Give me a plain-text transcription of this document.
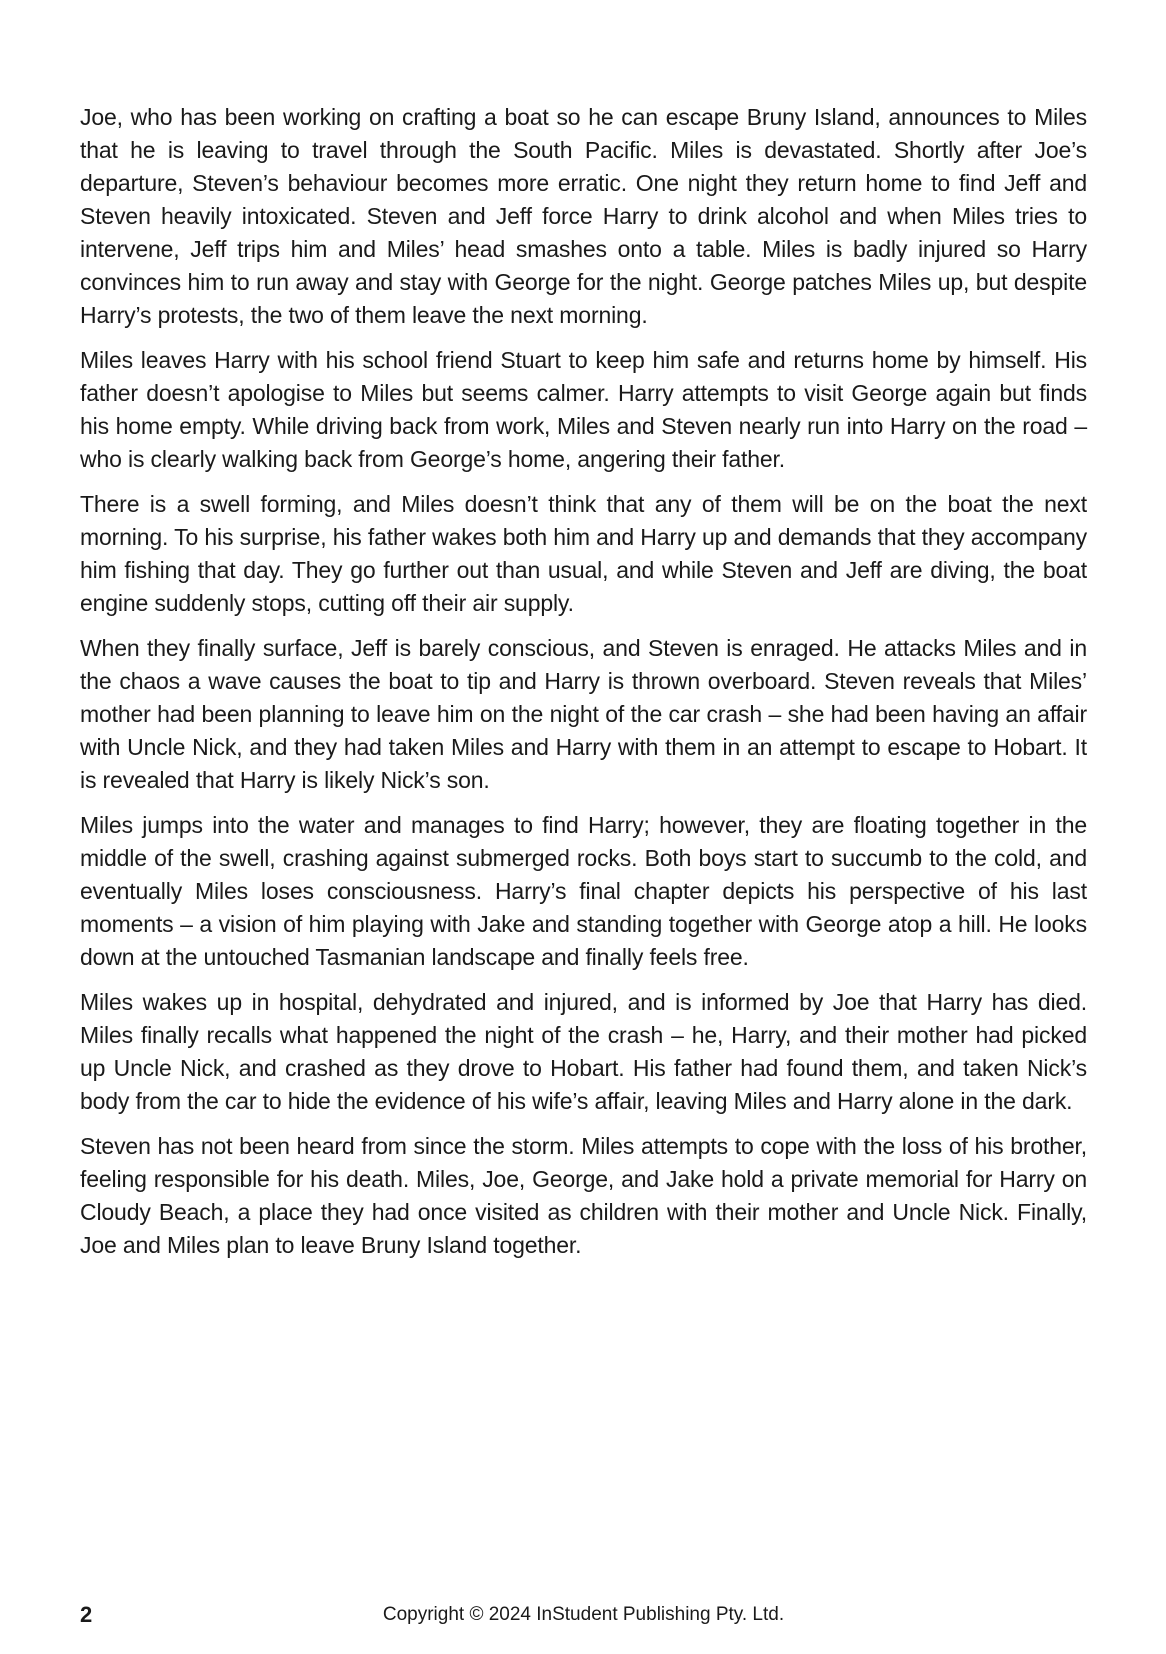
Joe, who has been working on crafting a boat so he can escape Bruny Island, announces to Miles that he is leaving to travel through the South Pacific. Miles is devastated. Shortly after Joe’s departure, Steven’s behaviour becomes more erratic. One night they return home to find Jeff and Steven heavily intoxicated. Steven and Jeff force Harry to drink alcohol and when Miles tries to intervene, Jeff trips him and Miles’ head smashes onto a table. Miles is badly injured so Harry convinces him to run away and stay with George for the night. George patches Miles up, but despite Harry’s protests, the two of them leave the next morning.

Miles leaves Harry with his school friend Stuart to keep him safe and returns home by himself. His father doesn’t apologise to Miles but seems calmer. Harry attempts to visit George again but finds his home empty. While driving back from work, Miles and Steven nearly run into Harry on the road – who is clearly walking back from George’s home, angering their father.

There is a swell forming, and Miles doesn’t think that any of them will be on the boat the next morning. To his surprise, his father wakes both him and Harry up and demands that they accompany him fishing that day. They go further out than usual, and while Steven and Jeff are diving, the boat engine suddenly stops, cutting off their air supply.

When they finally surface, Jeff is barely conscious, and Steven is enraged. He attacks Miles and in the chaos a wave causes the boat to tip and Harry is thrown overboard. Steven reveals that Miles’ mother had been planning to leave him on the night of the car crash – she had been having an affair with Uncle Nick, and they had taken Miles and Harry with them in an attempt to escape to Hobart. It is revealed that Harry is likely Nick’s son.

Miles jumps into the water and manages to find Harry; however, they are floating together in the middle of the swell, crashing against submerged rocks. Both boys start to succumb to the cold, and eventually Miles loses consciousness. Harry’s final chapter depicts his perspective of his last moments – a vision of him playing with Jake and standing together with George atop a hill. He looks down at the untouched Tasmanian landscape and finally feels free.

Miles wakes up in hospital, dehydrated and injured, and is informed by Joe that Harry has died. Miles finally recalls what happened the night of the crash – he, Harry, and their mother had picked up Uncle Nick, and crashed as they drove to Hobart. His father had found them, and taken Nick’s body from the car to hide the evidence of his wife’s affair, leaving Miles and Harry alone in the dark.

Steven has not been heard from since the storm. Miles attempts to cope with the loss of his brother, feeling responsible for his death. Miles, Joe, George, and Jake hold a private memorial for Harry on Cloudy Beach, a place they had once visited as children with their mother and Uncle Nick. Finally, Joe and Miles plan to leave Bruny Island together.

2	Copyright © 2024 InStudent Publishing Pty. Ltd.
